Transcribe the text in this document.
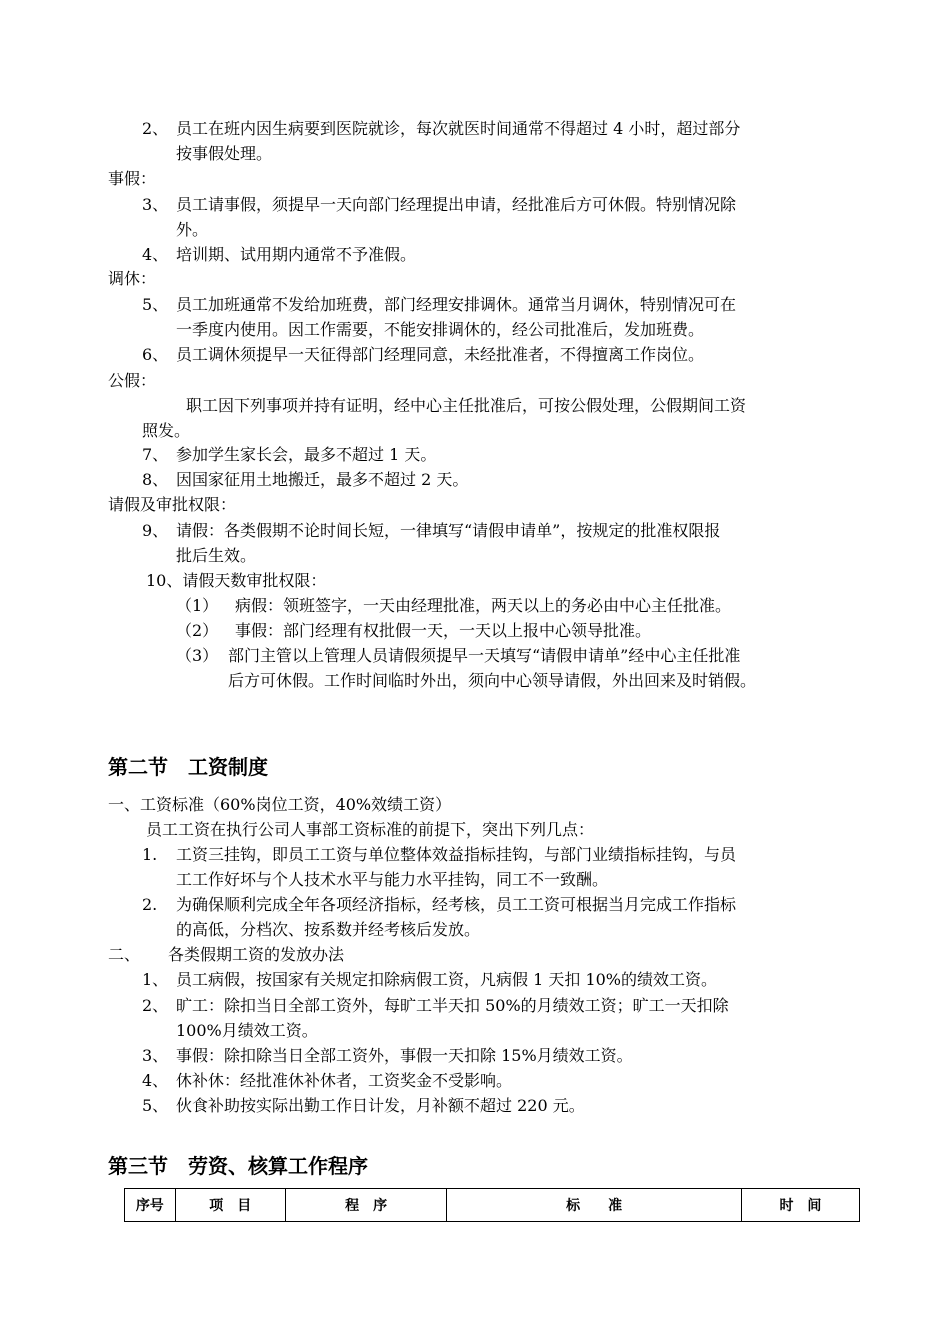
2、 员工在班内因生病要到医院就诊，每次就医时间通常不得超过 4 小时，超过部分
按事假处理。
事假：
3、 员工请事假，须提早一天向部门经理提出申请，经批准后方可休假。特别情况除
外。
4、 培训期、试用期内通常不予准假。
调休：
5、 员工加班通常不发给加班费，部门经理安排调休。通常当月调休，特别情况可在
一季度内使用。因工作需要，不能安排调休的，经公司批准后，发加班费。
6、 员工调休须提早一天征得部门经理同意，未经批准者，不得擅离工作岗位。
公假：
职工因下列事项并持有证明，经中心主任批准后，可按公假处理，公假期间工资
照发。
7、 参加学生家长会，最多不超过 1 天。
8、 因国家征用土地搬迁，最多不超过 2 天。
请假及审批权限：
9、 请假：各类假期不论时间长短，一律填写“请假申请单”，按规定的批准权限报
批后生效。
10、请假天数审批权限：
（1） 病假：领班签字，一天由经理批准，两天以上的务必由中心主任批准。
（2） 事假：部门经理有权批假一天，一天以上报中心领导批准。
（3） 部门主管以上管理人员请假须提早一天填写“请假申请单”经中心主任批准
后方可休假。工作时间临时外出，须向中心领导请假，外出回来及时销假。
第二节　工资制度
一、工资标准（60%岗位工资，40%效绩工资）
员工工资在执行公司人事部工资标准的前提下，突出下列几点：
1. 工资三挂钩，即员工工资与单位整体效益指标挂钩，与部门业绩指标挂钩，与员
工工作好坏与个人技术水平与能力水平挂钩，同工不一致酬。
2. 为确保顺利完成全年各项经济指标，经考核，员工工资可根据当月完成工作指标
的高低，分档次、按系数并经考核后发放。
二、 各类假期工资的发放办法
1、 员工病假，按国家有关规定扣除病假工资，凡病假 1 天扣 10%的绩效工资。
2、 旷工：除扣当日全部工资外，每旷工半天扣 50%的月绩效工资；旷工一天扣除
100%月绩效工资。
3、 事假：除扣除当日全部工资外，事假一天扣除 15%月绩效工资。
4、 休补休：经批准休补休者，工资奖金不受影响。
5、 伙食补助按实际出勤工作日计发，月补额不超过 220 元。
第三节　劳资、核算工作程序
序号	项　目	程　序	标　　准	时　间
